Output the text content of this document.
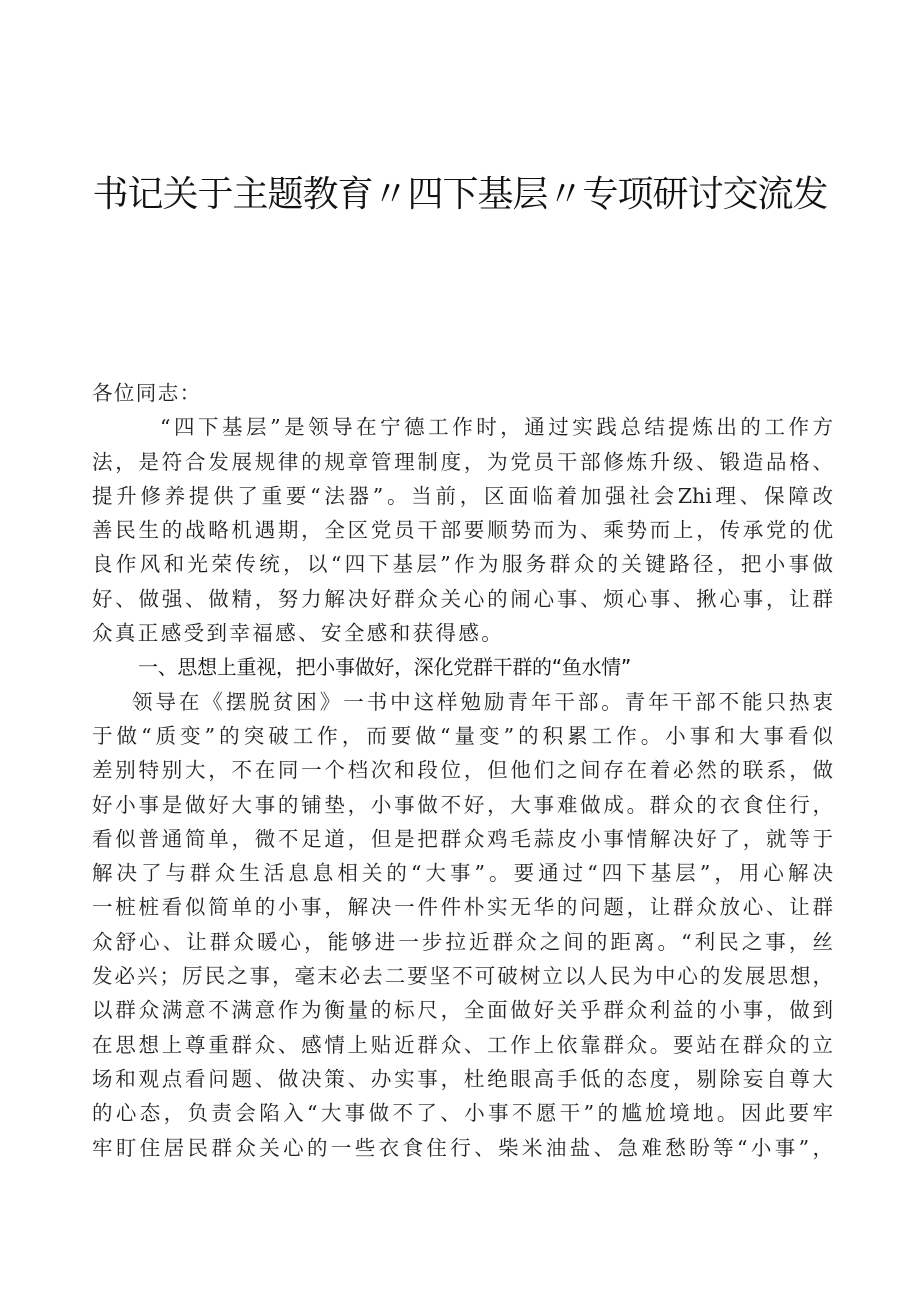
书记关于主题教育〃四下基层〃专项研讨交流发
各位同志：
“四下基层”是领导在宁德工作时，通过实践总结提炼出的工作方
法，是符合发展规律的规章管理制度，为党员干部修炼升级、锻造品格、
提升修养提供了重要“法器”。当前，区面临着加强社会Zhi理、保障改
善民生的战略机遇期，全区党员干部要顺势而为、乘势而上，传承党的优
良作风和光荣传统，以“四下基层”作为服务群众的关键路径，把小事做
好、做强、做精，努力解决好群众关心的闹心事、烦心事、揪心事，让群
众真正感受到幸福感、安全感和获得感。
一、思想上重视，把小事做好，深化党群干群的“鱼水情”
领导在《摆脱贫困》一书中这样勉励青年干部。青年干部不能只热衷
于做“质变”的突破工作，而要做“量变”的积累工作。小事和大事看似
差别特别大，不在同一个档次和段位，但他们之间存在着必然的联系，做
好小事是做好大事的铺垫，小事做不好，大事难做成。群众的衣食住行，
看似普通简单，微不足道，但是把群众鸡毛蒜皮小事情解决好了，就等于
解决了与群众生活息息相关的“大事”。要通过“四下基层”，用心解决
一桩桩看似简单的小事，解决一件件朴实无华的问题，让群众放心、让群
众舒心、让群众暖心，能够进一步拉近群众之间的距离。“利民之事，丝
发必兴；厉民之事，毫末必去二要坚不可破树立以人民为中心的发展思想，
以群众满意不满意作为衡量的标尺，全面做好关乎群众利益的小事，做到
在思想上尊重群众、感情上贴近群众、工作上依靠群众。要站在群众的立
场和观点看问题、做决策、办实事，杜绝眼高手低的态度，剔除妄自尊大
的心态，负责会陷入“大事做不了、小事不愿干”的尴尬境地。因此要牢
牢盯住居民群众关心的一些衣食住行、柴米油盐、急难愁盼等“小事”，
